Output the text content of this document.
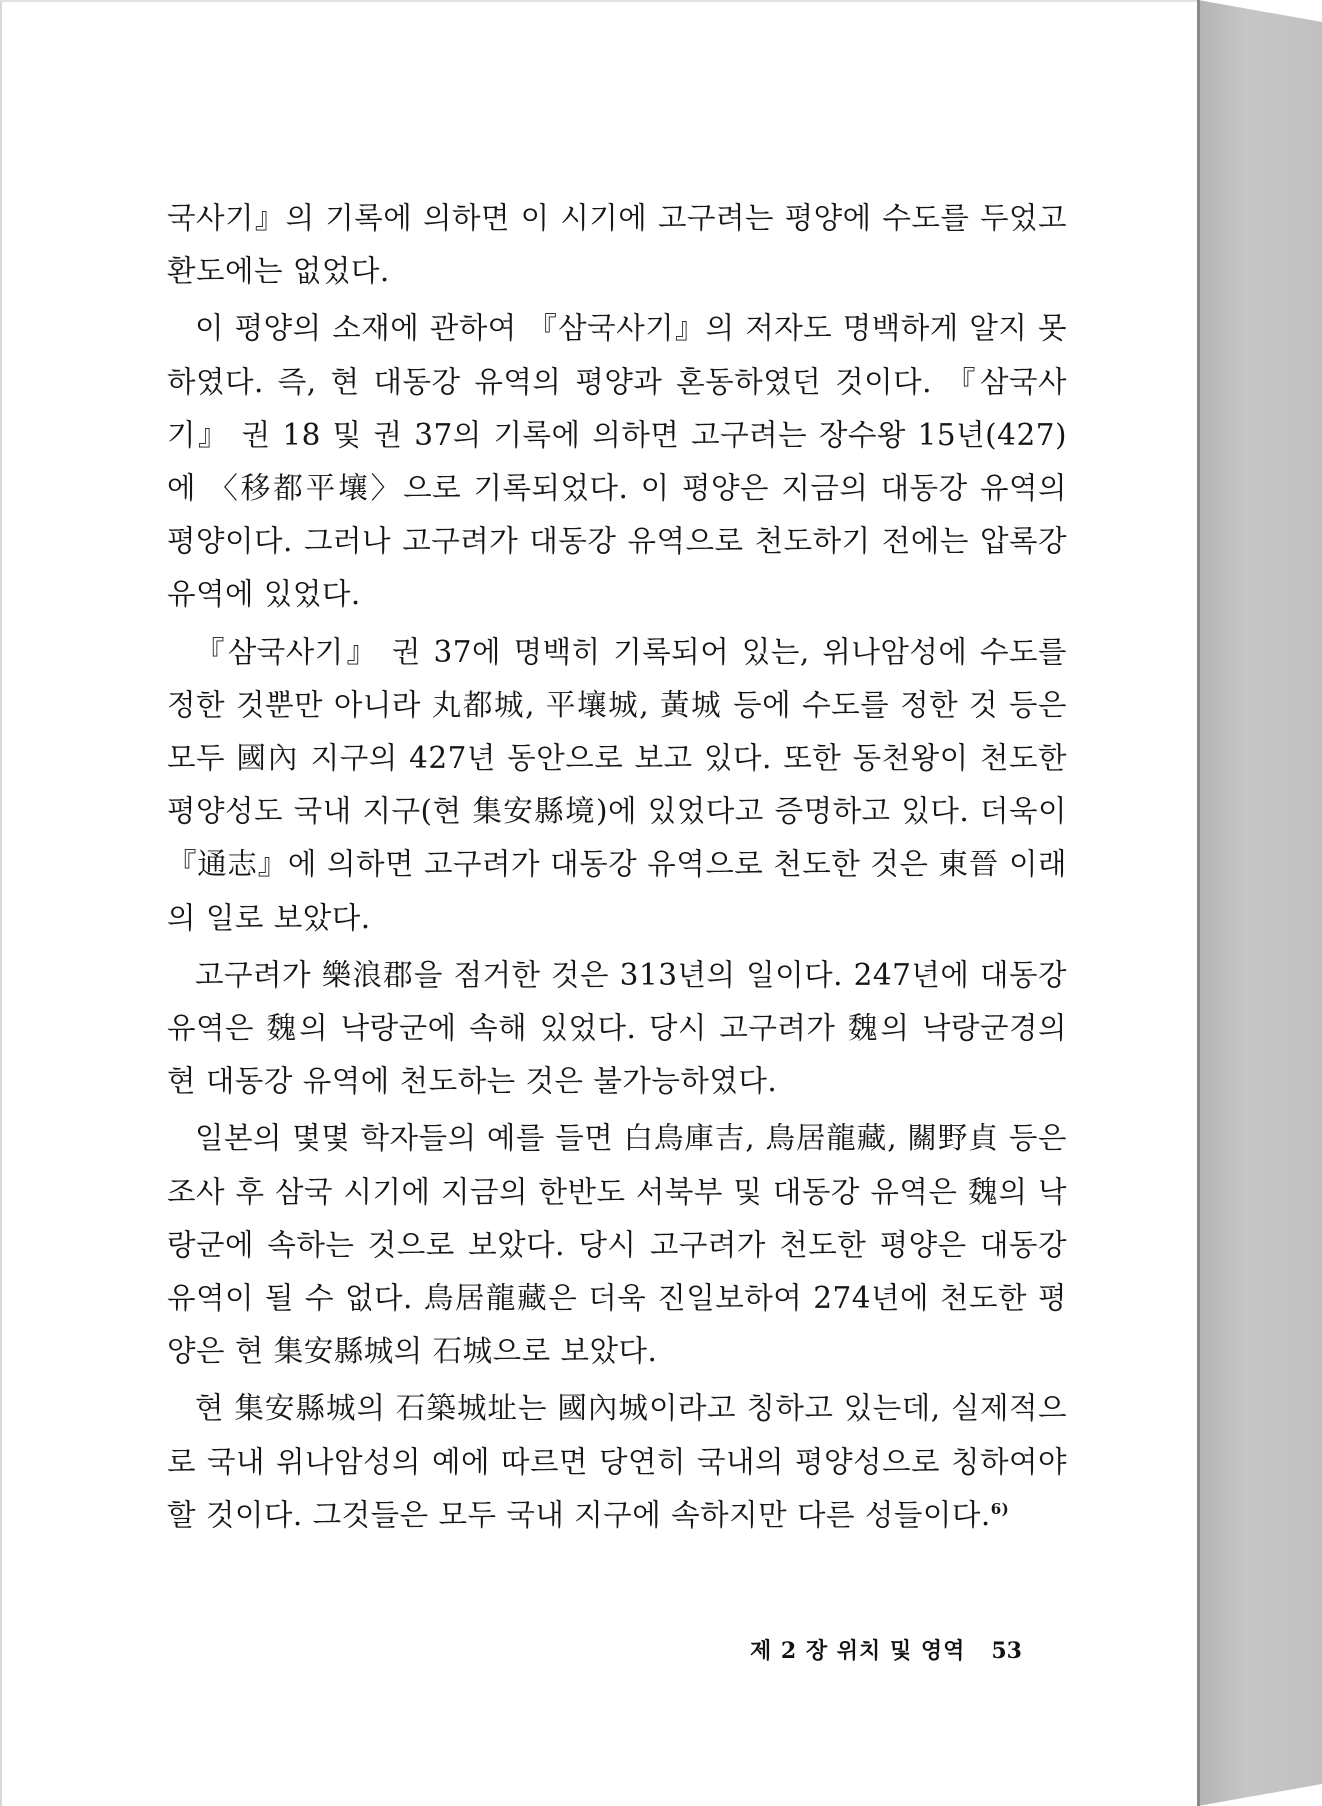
국사기』의 기록에 의하면 이 시기에 고구려는 평양에 수도를 두었고 환도에는 없었다.

이 평양의 소재에 관하여 『삼국사기』의 저자도 명백하게 알지 못하였다. 즉, 현 대동강 유역의 평양과 혼동하였던 것이다. 『삼국사기』 권 18 및 권 37의 기록에 의하면 고구려는 장수왕 15년(427)에 〈移都平壤〉으로 기록되었다. 이 평양은 지금의 대동강 유역의 평양이다. 그러나 고구려가 대동강 유역으로 천도하기 전에는 압록강 유역에 있었다.

『삼국사기』 권 37에 명백히 기록되어 있는, 위나암성에 수도를 정한 것뿐만 아니라 丸都城, 平壤城, 黃城 등에 수도를 정한 것 등은 모두 國內 지구의 427년 동안으로 보고 있다. 또한 동천왕이 천도한 평양성도 국내 지구(현 集安縣境)에 있었다고 증명하고 있다. 더욱이 『通志』에 의하면 고구려가 대동강 유역으로 천도한 것은 東晉 이래의 일로 보았다.

고구려가 樂浪郡을 점거한 것은 313년의 일이다. 247년에 대동강 유역은 魏의 낙랑군에 속해 있었다. 당시 고구려가 魏의 낙랑군경의 현 대동강 유역에 천도하는 것은 불가능하였다.

일본의 몇몇 학자들의 예를 들면 白鳥庫吉, 鳥居龍藏, 關野貞 등은 조사 후 삼국 시기에 지금의 한반도 서북부 및 대동강 유역은 魏의 낙랑군에 속하는 것으로 보았다. 당시 고구려가 천도한 평양은 대동강 유역이 될 수 없다. 鳥居龍藏은 더욱 진일보하여 274년에 천도한 평양은 현 集安縣城의 石城으로 보았다.

현 集安縣城의 石築城址는 國內城이라고 칭하고 있는데, 실제적으로 국내 위나암성의 예에 따르면 당연히 국내의 평양성으로 칭하여야 할 것이다. 그것들은 모두 국내 지구에 속하지만 다른 성들이다.$^{6)}$

제 2 장 위치 및 영역 53
